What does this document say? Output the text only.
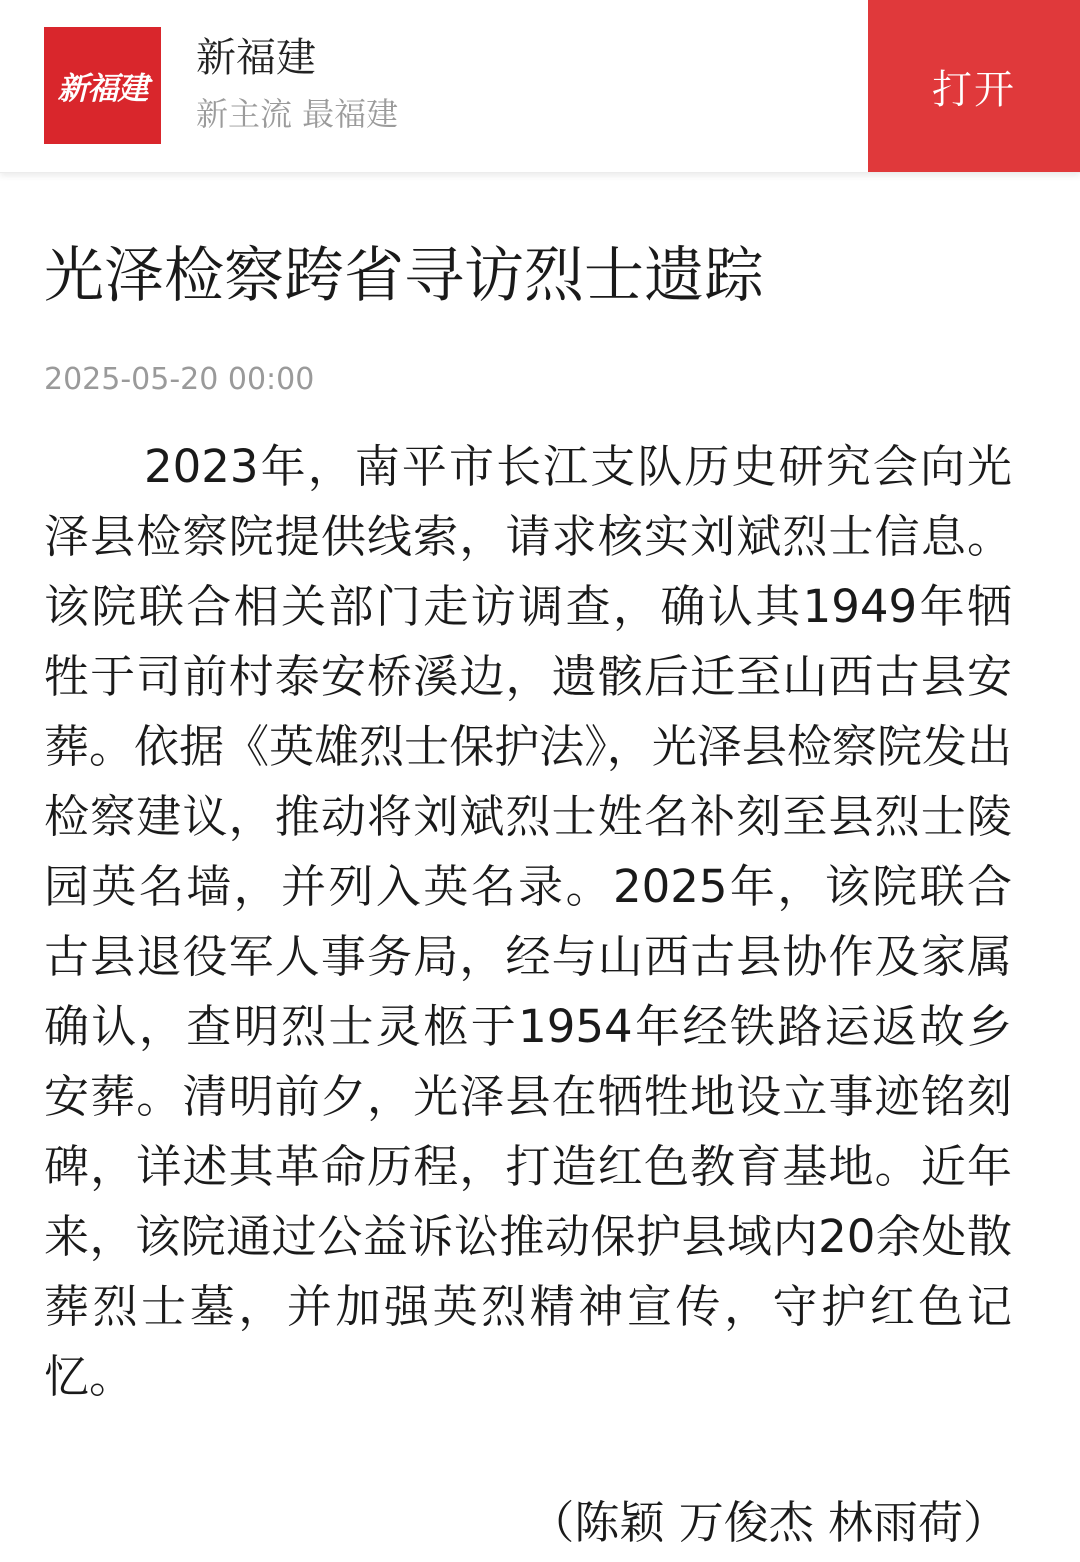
新福建
新福建
新主流 最福建
打开
光泽检察跨省寻访烈士遗踪
2025-05-20 00:00

2023年，南平市长江支队历史研究会向光泽县检察院提供线索，请求核实刘斌烈士信息。该院联合相关部门走访调查，确认其1949年牺牲于司前村泰安桥溪边，遗骸后迁至山西古县安葬。依据《英雄烈士保护法》，光泽县检察院发出检察建议，推动将刘斌烈士姓名补刻至县烈士陵园英名墙，并列入英名录。2025年，该院联合古县退役军人事务局，经与山西古县协作及家属确认，查明烈士灵柩于1954年经铁路运返故乡安葬。清明前夕，光泽县在牺牲地设立事迹铭刻碑，详述其革命历程，打造红色教育基地。近年来，该院通过公益诉讼推动保护县域内20余处散葬烈士墓，并加强英烈精神宣传，守护红色记忆。

（陈颖 万俊杰 林雨荷）
